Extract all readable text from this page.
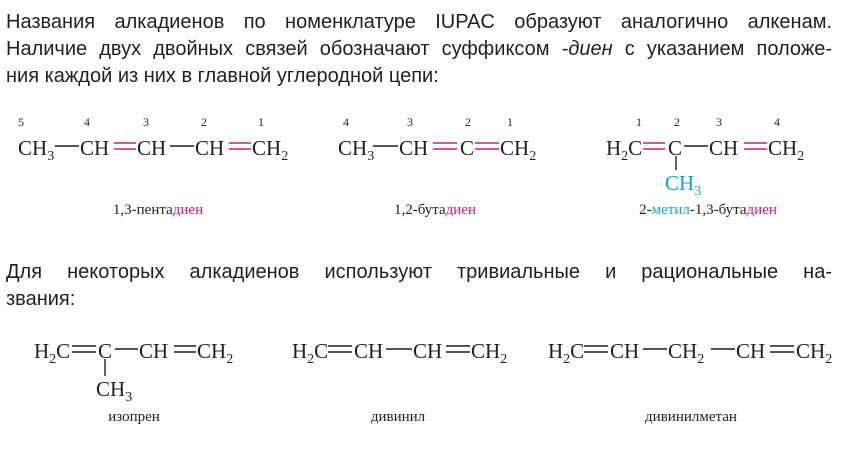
Названия алкадиенов по номенклатуре IUPAC образуют аналогично алкенам.
Наличие двух двойных связей обозначают суффиксом -диен с указанием положе-
ния каждой из них в главной углеродной цепи:
$CH_3$ CH CH CH $CH_2$
5	4	3	2	1
$CH_3$ CH C $CH_2$
4	3	2	1
$H_2C$ C CH $CH_2$
$CH_3$
1	2	3	4
$H_2C$ C CH $CH_2$
$CH_3$
$H_2C$ CH CH $CH_2$ $H_2C$ CH $CH_2$ CH $CH_2$
1,3-пентадиен	1,2-бутадиен	2-метил-1,3-бутадиен
Для некоторых алкадиенов используют тривиальные и рациональные на-
звания:
изопрен	дивинил	дивинилметан
